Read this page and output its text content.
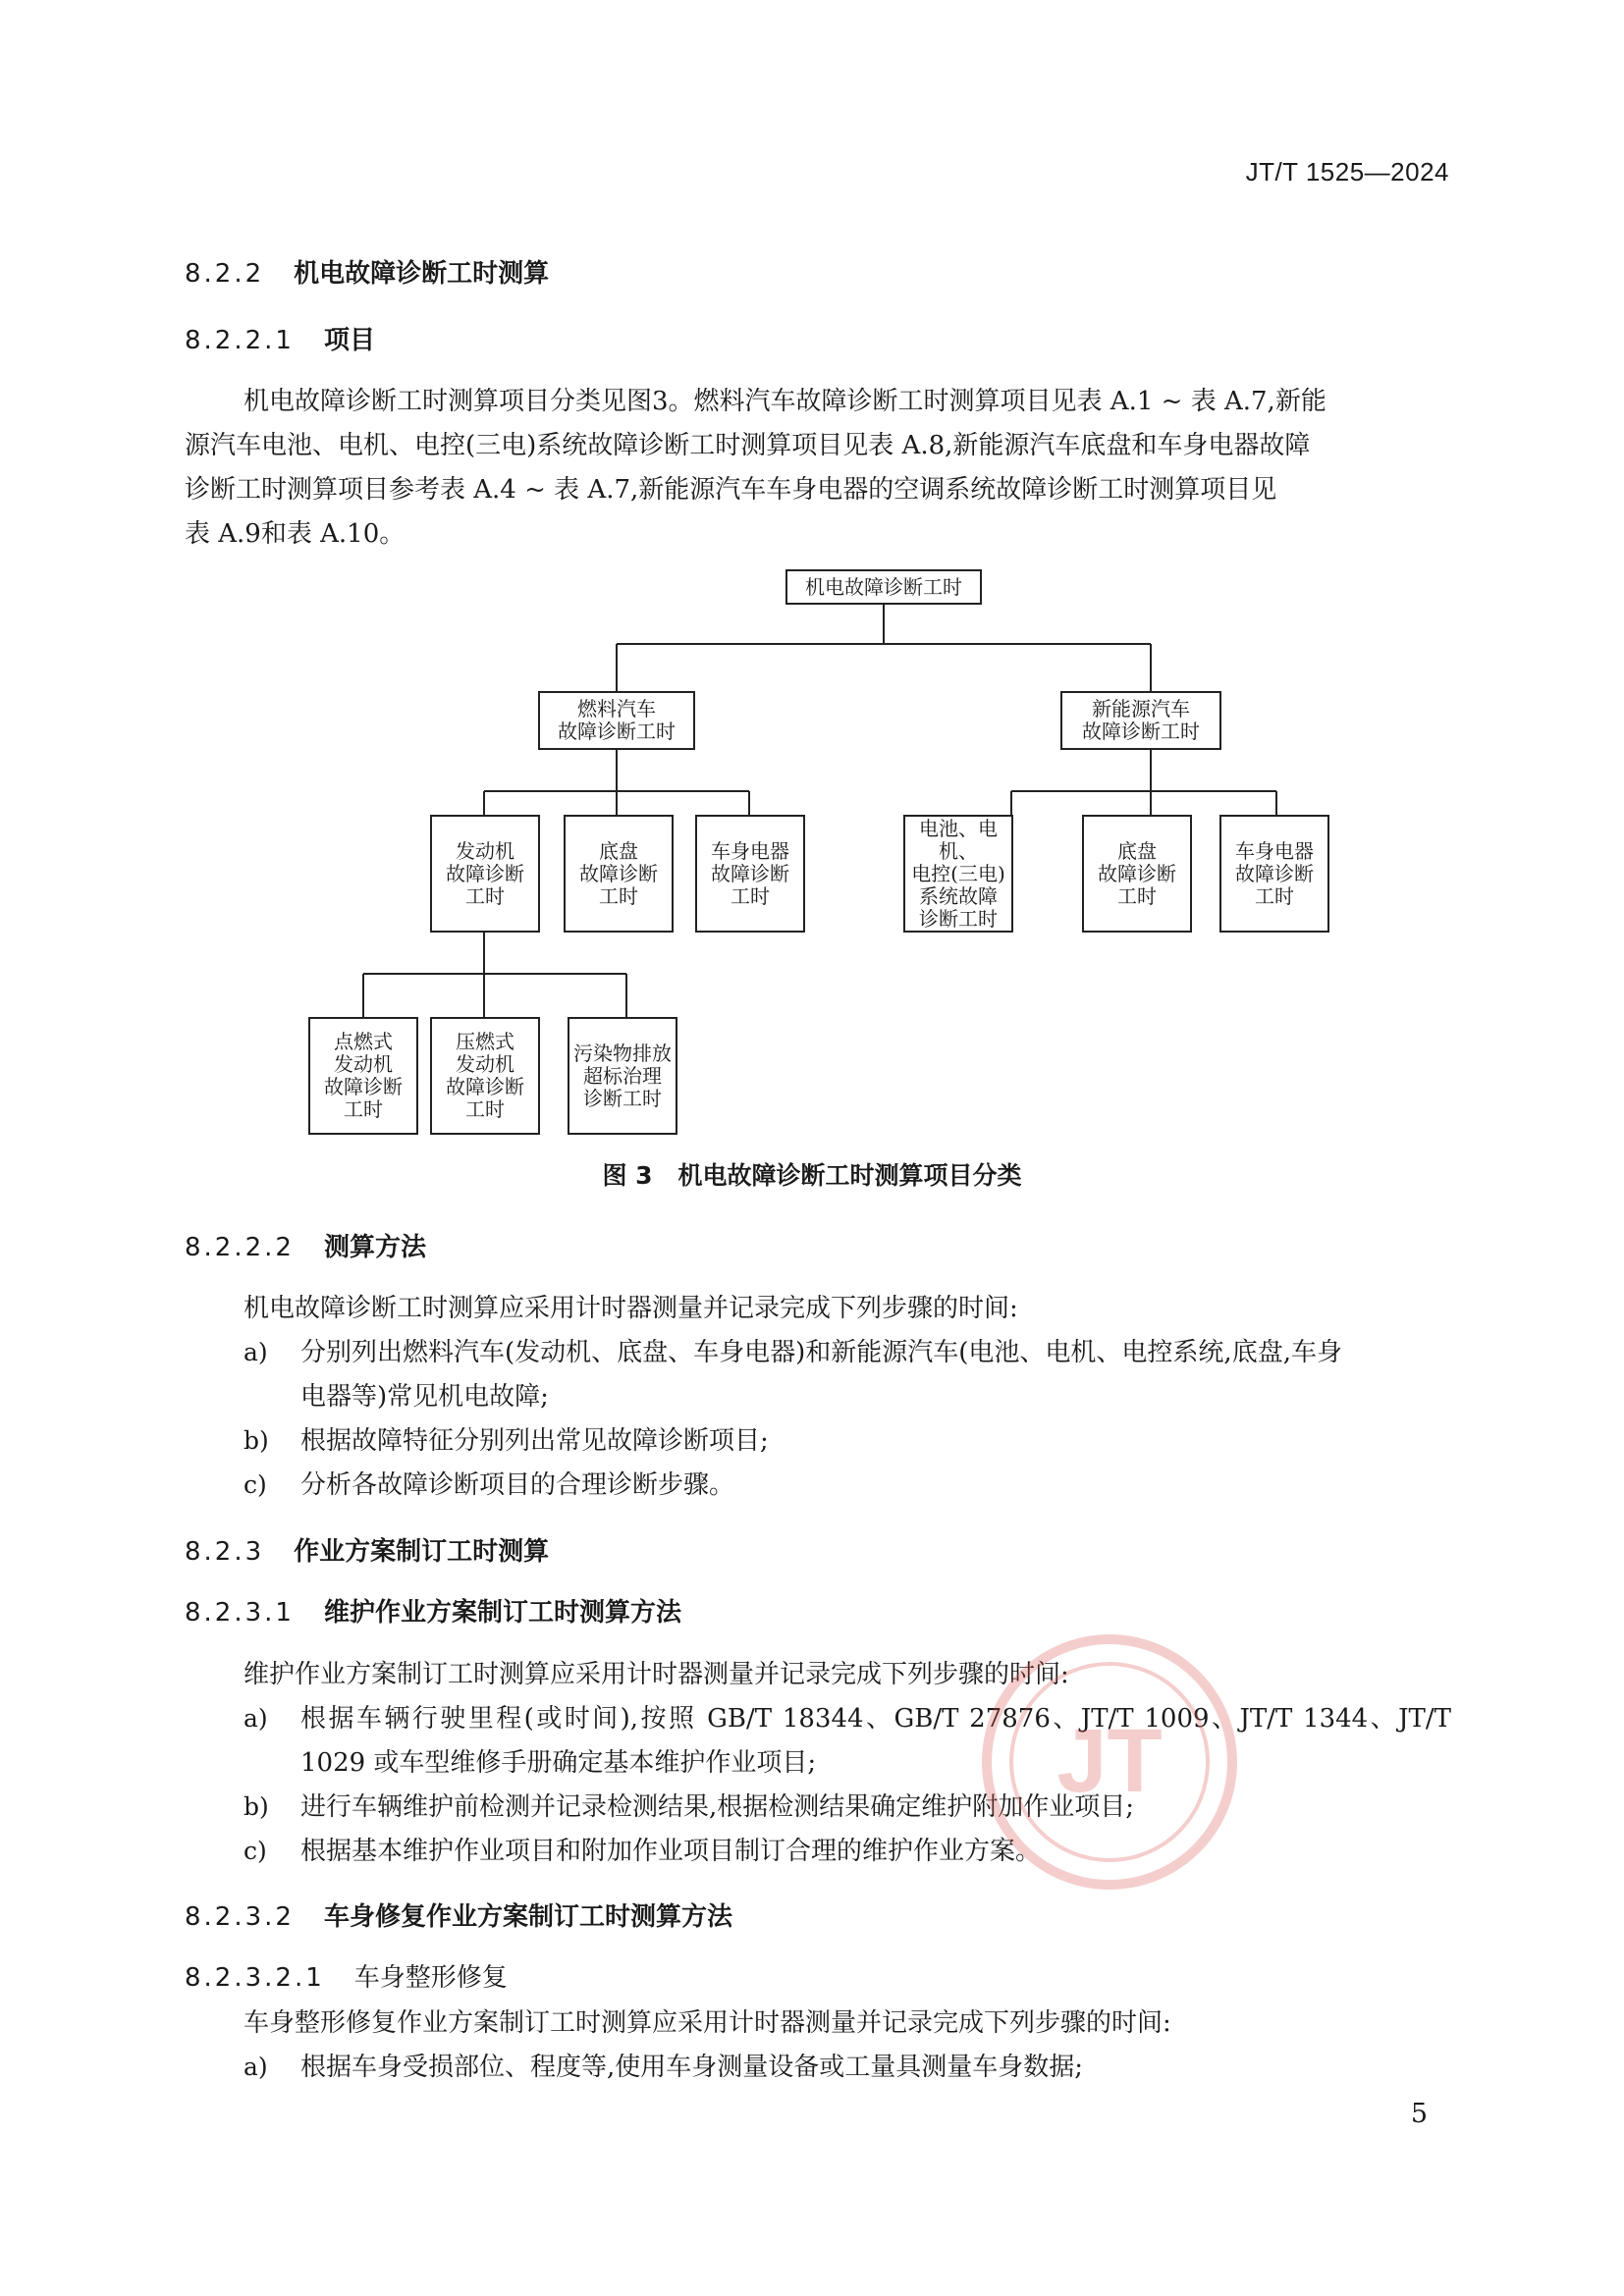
JT/T 1525—2024
8.2.2 机电故障诊断工时测算
8.2.2.1 项目
机电故障诊断工时测算项目分类见图3。燃料汽车故障诊断工时测算项目见表 A.1 ~ 表 A.7,新能
源汽车电池、电机、电控(三电)系统故障诊断工时测算项目见表 A.8,新能源汽车底盘和车身电器故障
诊断工时测算项目参考表 A.4 ~ 表 A.7,新能源汽车车身电器的空调系统故障诊断工时测算项目见
表 A.9和表 A.10。
机电故障诊断工时
燃料汽车
故障诊断工时
新能源汽车
故障诊断工时
发动机
故障诊断
工时
底盘
故障诊断
工时
车身电器
故障诊断
工时
电池、电机、
电控(三电)
系统故障
诊断工时
底盘
故障诊断
工时
车身电器
故障诊断
工时
点燃式
发动机
故障诊断
工时
压燃式
发动机
故障诊断
工时
污染物排放
超标治理
诊断工时
图 3 机电故障诊断工时测算项目分类
8.2.2.2 测算方法
机电故障诊断工时测算应采用计时器测量并记录完成下列步骤的时间:
a) 分别列出燃料汽车(发动机、底盘、车身电器)和新能源汽车(电池、电机、电控系统,底盘,车身
电器等)常见机电故障;
b) 根据故障特征分别列出常见故障诊断项目;
c) 分析各故障诊断项目的合理诊断步骤。
8.2.3 作业方案制订工时测算
8.2.3.1 维护作业方案制订工时测算方法
维护作业方案制订工时测算应采用计时器测量并记录完成下列步骤的时间:
a) 根据车辆行驶里程(或时间),按照 GB/T 18344、GB/T 27876、JT/T 1009、JT/T 1344、JT/T
1029 或车型维修手册确定基本维护作业项目;
b) 进行车辆维护前检测并记录检测结果,根据检测结果确定维护附加作业项目;
c) 根据基本维护作业项目和附加作业项目制订合理的维护作业方案。
8.2.3.2 车身修复作业方案制订工时测算方法
8.2.3.2.1 车身整形修复
车身整形修复作业方案制订工时测算应采用计时器测量并记录完成下列步骤的时间:
a) 根据车身受损部位、程度等,使用车身测量设备或工量具测量车身数据;
JT
5
